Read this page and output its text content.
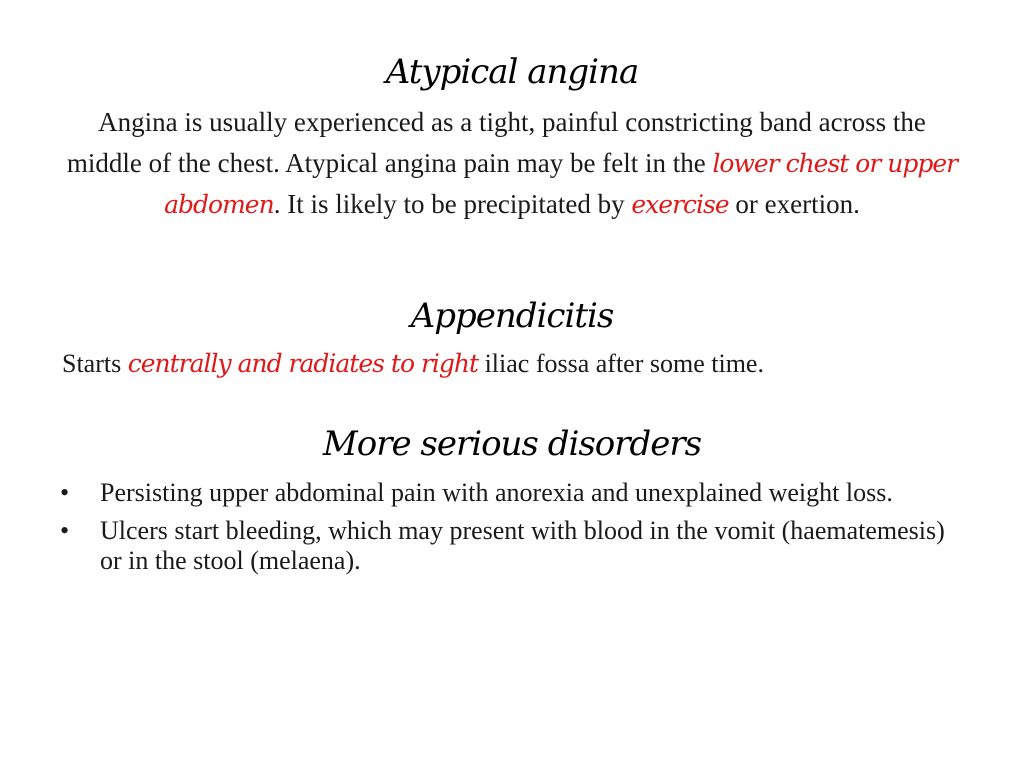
Atypical angina

Angina is usually experienced as a tight, painful constricting band across the middle of the chest. Atypical angina pain may be felt in the lower chest or upper abdomen. It is likely to be precipitated by exercise or exertion.

Appendicitis

Starts centrally and radiates to right iliac fossa after some time.

More serious disorders
• Persisting upper abdominal pain with anorexia and unexplained weight loss.
• Ulcers start bleeding, which may present with blood in the vomit (haematemesis) or in the stool (melaena).
